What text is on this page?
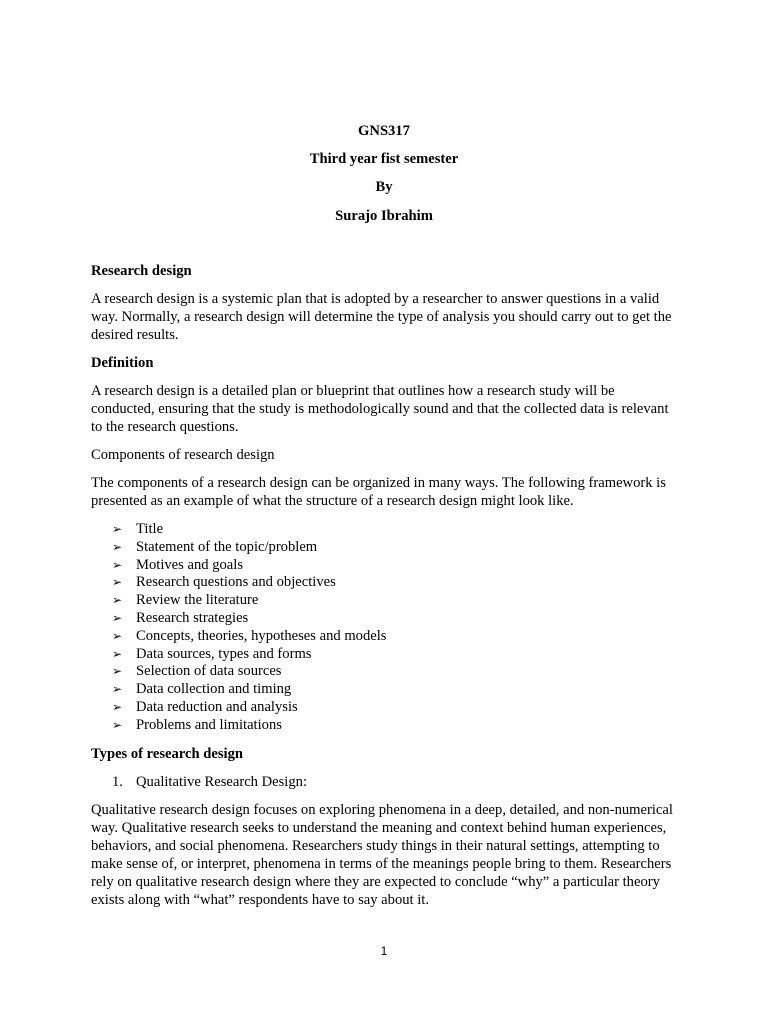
GNS317
Third year fist semester
By
Surajo Ibrahim
Research design
A research design is a systemic plan that is adopted by a researcher to answer questions in a valid way. Normally, a research design will determine the type of analysis you should carry out to get the desired results.
Definition
A research design is a detailed plan or blueprint that outlines how a research study will be conducted, ensuring that the study is methodologically sound and that the collected data is relevant to the research questions.
Components of research design
The components of a research design can be organized in many ways. The following framework is presented as an example of what the structure of a research design might look like.
➢ Title
➢ Statement of the topic/problem
➢ Motives and goals
➢ Research questions and objectives
➢ Review the literature
➢ Research strategies
➢ Concepts, theories, hypotheses and models
➢ Data sources, types and forms
➢ Selection of data sources
➢ Data collection and timing
➢ Data reduction and analysis
➢ Problems and limitations
Types of research design
1. Qualitative Research Design:
Qualitative research design focuses on exploring phenomena in a deep, detailed, and non-numerical way. Qualitative research seeks to understand the meaning and context behind human experiences, behaviors, and social phenomena. Researchers study things in their natural settings, attempting to make sense of, or interpret, phenomena in terms of the meanings people bring to them. Researchers rely on qualitative research design where they are expected to conclude “why” a particular theory exists along with “what” respondents have to say about it.
1
